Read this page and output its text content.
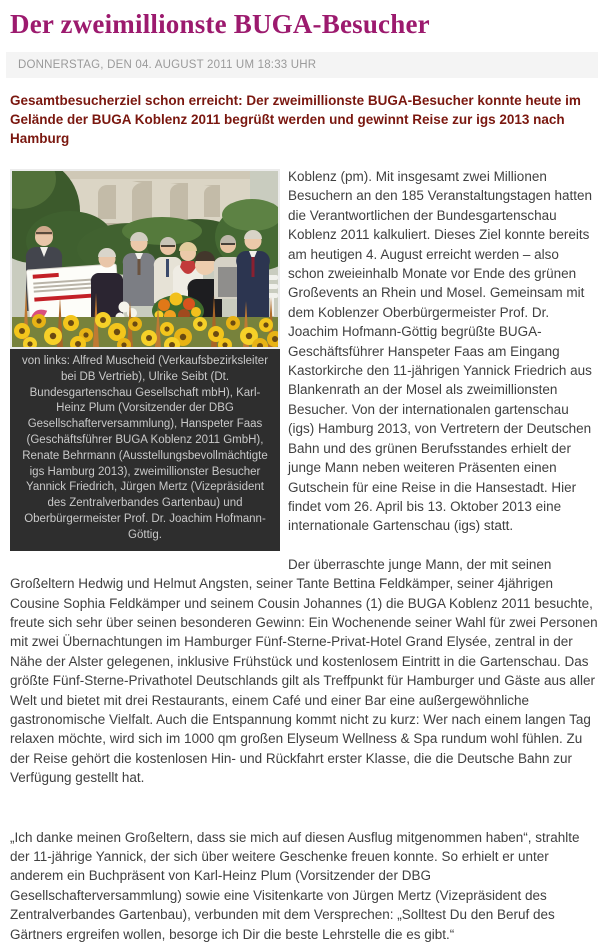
Der zweimillionste BUGA-Besucher
DONNERSTAG, DEN 04. AUGUST 2011 UM 18:33 UHR

Gesamtbesucherziel schon erreicht: Der zweimillionste BUGA-Besucher konnte heute im Gelände der BUGA Koblenz 2011 begrüßt werden und gewinnt Reise zur igs 2013 nach Hamburg

von links: Alfred Muscheid (Verkaufsbezirksleiter bei DB Vertrieb), Ulrike Seibt (Dt. Bundesgartenschau Gesellschaft mbH), Karl-Heinz Plum (Vorsitzender der DBG Gesellschafterversammlung), Hanspeter Faas (Geschäftsführer BUGA Koblenz 2011 GmbH), Renate Behrmann (Ausstellungsbevollmächtigte igs Hamburg 2013), zweimillionster Besucher Yannick Friedrich, Jürgen Mertz (Vizepräsident des Zentralverbandes Gartenbau) und Oberbürgermeister Prof. Dr. Joachim Hofmann-Göttig.

Koblenz (pm). Mit insgesamt zwei Millionen Besuchern an den 185 Veranstaltungstagen hatten die Verantwortlichen der Bundesgartenschau Koblenz 2011 kalkuliert. Dieses Ziel konnte bereits am heutigen 4. August erreicht werden – also schon zweieinhalb Monate vor Ende des grünen Großevents an Rhein und Mosel. Gemeinsam mit dem Koblenzer Oberbürgermeister Prof. Dr. Joachim Hofmann-Göttig begrüßte BUGA-Geschäftsführer Hanspeter Faas am Eingang Kastorkirche den 11-jährigen Yannick Friedrich aus Blankenrath an der Mosel als zweimillionsten Besucher. Von der internationalen gartenschau (igs) Hamburg 2013, von Vertretern der Deutschen Bahn und des grünen Berufsstandes erhielt der junge Mann neben weiteren Präsenten einen Gutschein für eine Reise in die Hansestadt. Hier findet vom 26. April bis 13. Oktober 2013 eine internationale Gartenschau (igs) statt.

Der überraschte junge Mann, der mit seinen Großeltern Hedwig und Helmut Angsten, seiner Tante Bettina Feldkämper, seiner 4jährigen Cousine Sophia Feldkämper und seinem Cousin Johannes (1) die BUGA Koblenz 2011 besuchte, freute sich sehr über seinen besonderen Gewinn: Ein Wochenende seiner Wahl für zwei Personen mit zwei Übernachtungen im Hamburger Fünf-Sterne-Privat-Hotel Grand Elysée, zentral in der Nähe der Alster gelegenen, inklusive Frühstück und kostenlosem Eintritt in die Gartenschau. Das größte Fünf-Sterne-Privathotel Deutschlands gilt als Treffpunkt für Hamburger und Gäste aus aller Welt und bietet mit drei Restaurants, einem Café und einer Bar eine außergewöhnliche gastronomische Vielfalt. Auch die Entspannung kommt nicht zu kurz: Wer nach einem langen Tag relaxen möchte, wird sich im 1000 qm großen Elyseum Wellness & Spa rundum wohl fühlen. Zu der Reise gehört die kostenlosen Hin- und Rückfahrt erster Klasse, die die Deutsche Bahn zur Verfügung gestellt hat.

„Ich danke meinen Großeltern, dass sie mich auf diesen Ausflug mitgenommen haben“, strahlte der 11-jährige Yannick, der sich über weitere Geschenke freuen konnte. So erhielt er unter anderem ein Buchpräsent von Karl-Heinz Plum (Vorsitzender der DBG Gesellschafterversammlung) sowie eine Visitenkarte von Jürgen Mertz (Vizepräsident des Zentralverbandes Gartenbau), verbunden mit dem Versprechen: „Solltest Du den Beruf des Gärtners ergreifen wollen, besorge ich Dir die beste Lehrstelle die es gibt.“
